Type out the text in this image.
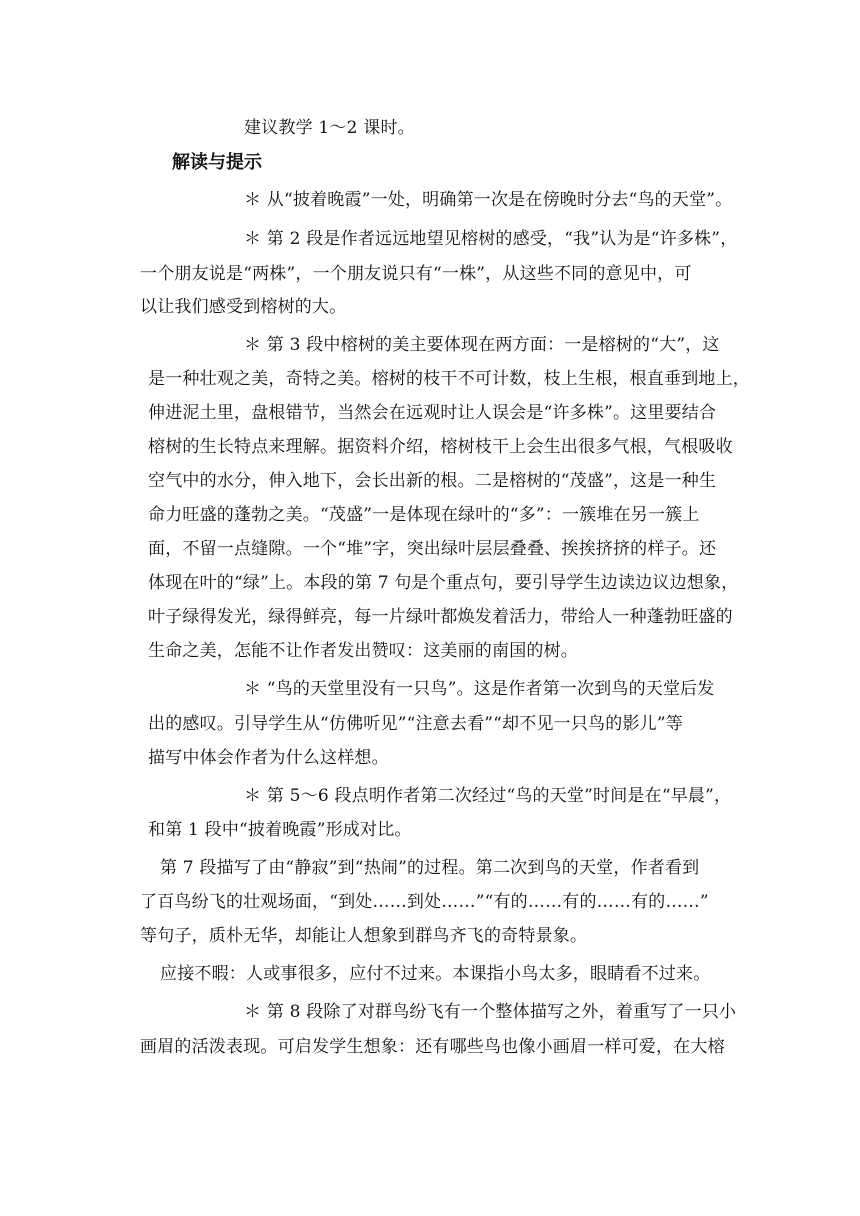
建议教学 1～2 课时。
解读与提示
＊ 从“披着晚霞”一处，明确第一次是在傍晚时分去“鸟的天堂”。
＊ 第 2 段是作者远远地望见榕树的感受，“我”认为是“许多株”，
一个朋友说是“两株”，一个朋友说只有“一株”，从这些不同的意见中，可
以让我们感受到榕树的大。
＊ 第 3 段中榕树的美主要体现在两方面：一是榕树的“大”，这
是一种壮观之美，奇特之美。榕树的枝干不可计数，枝上生根，根直垂到地上，
伸进泥土里，盘根错节，当然会在远观时让人误会是“许多株”。这里要结合
榕树的生长特点来理解。据资料介绍，榕树枝干上会生出很多气根，气根吸收
空气中的水分，伸入地下，会长出新的根。二是榕树的“茂盛”，这是一种生
命力旺盛的蓬勃之美。“茂盛”一是体现在绿叶的“多”：一簇堆在另一簇上
面，不留一点缝隙。一个“堆”字，突出绿叶层层叠叠、挨挨挤挤的样子。还
体现在叶的“绿”上。本段的第 7 句是个重点句，要引导学生边读边议边想象，
叶子绿得发光，绿得鲜亮，每一片绿叶都焕发着活力，带给人一种蓬勃旺盛的
生命之美，怎能不让作者发出赞叹：这美丽的南国的树。
＊ “鸟的天堂里没有一只鸟”。这是作者第一次到鸟的天堂后发
出的感叹。引导学生从“仿佛听见”“注意去看”“却不见一只鸟的影儿”等
描写中体会作者为什么这样想。
＊ 第 5～6 段点明作者第二次经过“鸟的天堂”时间是在“早晨”，
和第 1 段中“披着晚霞”形成对比。
第 7 段描写了由“静寂”到“热闹”的过程。第二次到鸟的天堂，作者看到
了百鸟纷飞的壮观场面，“到处……到处……”“有的……有的……有的……”
等句子，质朴无华，却能让人想象到群鸟齐飞的奇特景象。
应接不暇：人或事很多，应付不过来。本课指小鸟太多，眼睛看不过来。
＊ 第 8 段除了对群鸟纷飞有一个整体描写之外，着重写了一只小
画眉的活泼表现。可启发学生想象：还有哪些鸟也像小画眉一样可爱，在大榕
